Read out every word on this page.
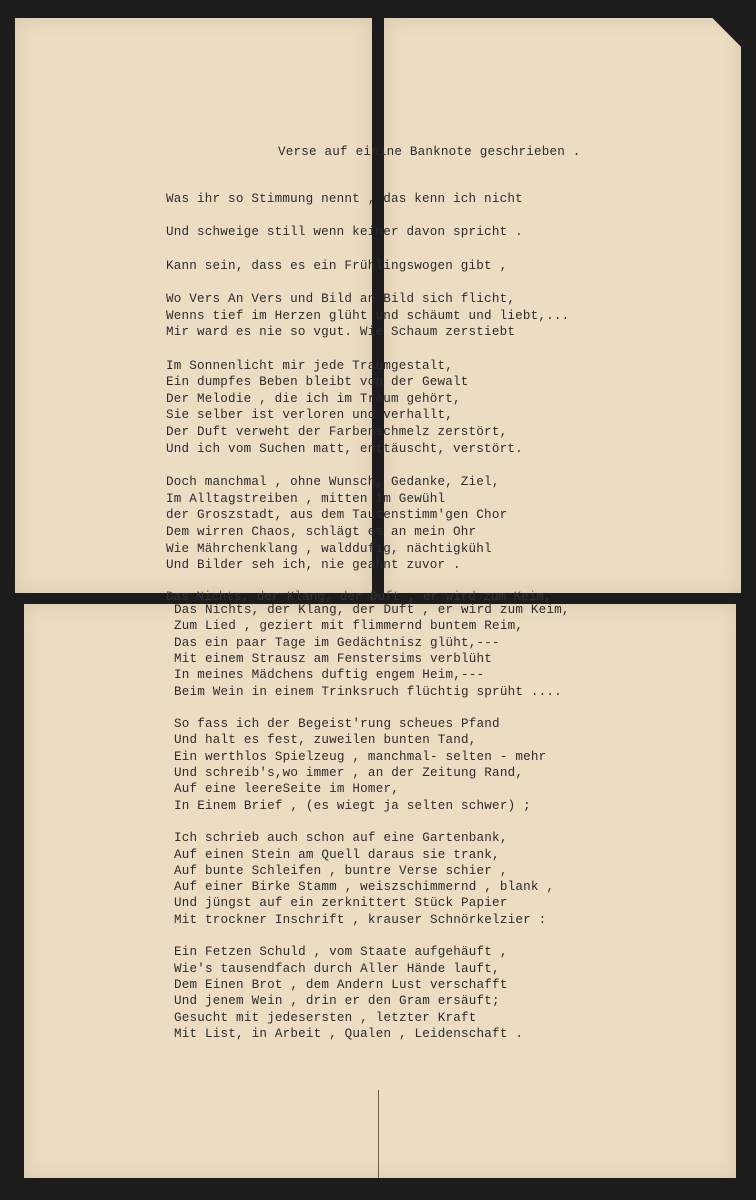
Verse auf einine Banknote geschrieben .
Was ihr so Stimmung nennt , das kenn ich nicht
Und schweige still wenn keiner davon spricht .
Kann sein, dass es ein Frühlingswogen gibt ,
Wo Vers An Vers und Bild an Bild sich flicht,
Wenns tief im Herzen glüht und schäumt und liebt,...
Mir ward es nie so vgut. Wie Schaum zerstiebt
Im Sonnenlicht mir jede Traumgestalt,
Ein dumpfes Beben bleibt von der Gewalt
Der Melodie , die ich im Traum gehört,
Sie selber ist verloren und verhallt,
Der Duft verweht der Farbenschmelz zerstört,
Und ich vom Suchen matt, enttäuscht, verstört.
Doch manchmal , ohne Wunsch, Gedanke, Ziel,
Im Alltagstreiben , mitten im Gewühl
der Groszstadt, aus dem Tausenstimm'gen Chor
Dem wirren Chaos, schlägt es an mein Ohr
Wie Mährchenklang , walddufig, nächtigkühl
Und Bilder seh ich, nie geahnt zuvor .
Das Nichts, der Klang, der Duft , er wird zum Keim,
Das Nichts, der Klang, der Duft , er wird zum Keim,
Zum Lied , geziert mit flimmernd buntem Reim,
Das ein paar Tage im Gedächtnisz glüht,---
Mit einem Strausz am Fenstersims verblüht
In meines Mädchens duftig engem Heim,---
Beim Wein in einem Trinksruch flüchtig sprüht ....
So fass ich der Begeist'rung scheues Pfand
Und halt es fest, zuweilen bunten Tand,
Ein werthlos Spielzeug , manchmal- selten - mehr
Und schreib's,wo immer , an der Zeitung Rand,
Auf eine leereSeite im Homer,
In Einem Brief , (es wiegt ja selten schwer) ;
Ich schrieb auch schon auf eine Gartenbank,
Auf einen Stein am Quell daraus sie trank,
Auf bunte Schleifen , buntre Verse schier ,
Auf einer Birke Stamm , weiszschimmernd , blank ,
Und jüngst auf ein zerknittert Stück Papier
Mit trockner Inschrift , krauser Schnörkelzier :
Ein Fetzen Schuld , vom Staate aufgehäuft ,
Wie's tausendfach durch Aller Hände lauft,
Dem Einen Brot , dem Andern Lust verschafft
Und jenem Wein , drin er den Gram ersäuft;
Gesucht mit jedesersten , letzter Kraft
Mit List, in Arbeit , Qualen , Leidenschaft .
